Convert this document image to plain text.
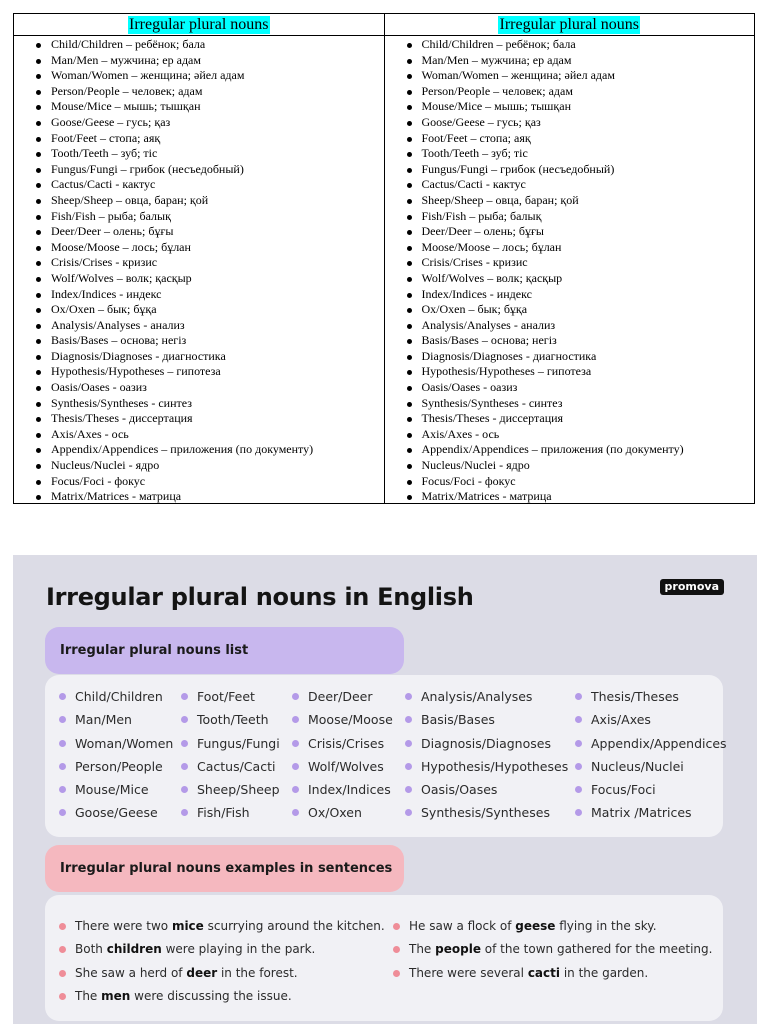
Irregular plural nouns
Child/Children – ребёнок; бала
Man/Men – мужчина; ер адам
Woman/Women – женщина; әйел адам
Person/People – человек; адам
Mouse/Mice – мышь; тышқан
Goose/Geese – гусь; қаз
Foot/Feet – стопа; аяқ
Tooth/Teeth – зуб; тіс
Fungus/Fungi – грибок (несъедобный)
Cactus/Cacti - кактус
Sheep/Sheep – овца, баран; қой
Fish/Fish – рыба; балық
Deer/Deer – олень; бұғы
Moose/Moose – лось; бұлан
Crisis/Crises - кризис
Wolf/Wolves – волк; қасқыр
Index/Indices - индекс
Ox/Oxen – бык; бұқа
Analysis/Analyses - анализ
Basis/Bases – основа; негіз
Diagnosis/Diagnoses - диагностика
Hypothesis/Hypotheses – гипотеза
Oasis/Oases - оазиз
Synthesis/Syntheses - синтез
Thesis/Theses - диссертация
Axis/Axes - ось
Appendix/Appendices – приложения (по документу)
Nucleus/Nuclei - ядро
Focus/Foci - фокус
Matrix/Matrices - матрица
Irregular plural nouns
Child/Children – ребёнок; бала
Man/Men – мужчина; ер адам
Woman/Women – женщина; әйел адам
Person/People – человек; адам
Mouse/Mice – мышь; тышқан
Goose/Geese – гусь; қаз
Foot/Feet – стопа; аяқ
Tooth/Teeth – зуб; тіс
Fungus/Fungi – грибок (несъедобный)
Cactus/Cacti - кактус
Sheep/Sheep – овца, баран; қой
Fish/Fish – рыба; балық
Deer/Deer – олень; бұғы
Moose/Moose – лось; бұлан
Crisis/Crises - кризис
Wolf/Wolves – волк; қасқыр
Index/Indices - индекс
Ox/Oxen – бык; бұқа
Analysis/Analyses - анализ
Basis/Bases – основа; негіз
Diagnosis/Diagnoses - диагностика
Hypothesis/Hypotheses – гипотеза
Oasis/Oases - оазиз
Synthesis/Syntheses - синтез
Thesis/Theses - диссертация
Axis/Axes - ось
Appendix/Appendices – приложения (по документу)
Nucleus/Nuclei - ядро
Focus/Foci - фокус
Matrix/Matrices - матрица
Irregular plural nouns in English	promova
Irregular plural nouns list
Child/Children
Man/Men
Woman/Women
Person/People
Mouse/Mice
Goose/Geese
Foot/Feet
Tooth/Teeth
Fungus/Fungi
Cactus/Cacti
Sheep/Sheep
Fish/Fish
Deer/Deer
Moose/Moose
Crisis/Crises
Wolf/Wolves
Index/Indices
Ox/Oxen
Analysis/Analyses
Basis/Bases
Diagnosis/Diagnoses
Hypothesis/Hypotheses
Oasis/Oases
Synthesis/Syntheses
Thesis/Theses
Axis/Axes
Appendix/Appendices
Nucleus/Nuclei
Focus/Foci
Matrix /Matrices
Irregular plural nouns examples in sentences
There were two mice scurrying around the kitchen.
Both children were playing in the park.
She saw a herd of deer in the forest.
The men were discussing the issue.
He saw a flock of geese flying in the sky.
The people of the town gathered for the meeting.
There were several cacti in the garden.
